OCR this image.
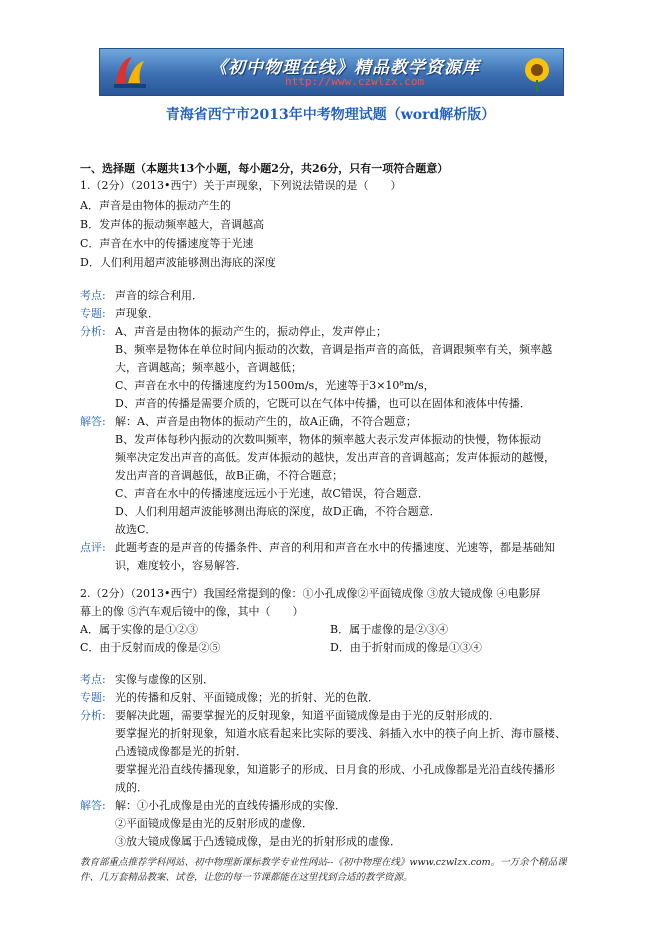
《初中物理在线》精品教学资源库
http://www.czwlzx.com
青海省西宁市2013年中考物理试题（word解析版）
一、选择题（本题共13个小题，每小题2分，共26分，只有一项符合题意）
1.（2分）（2013•西宁）关于声现象，下列说法错误的是（　　）
A．声音是由物体的振动产生的
B．发声体的振动频率越大，音调越高
C．声音在水中的传播速度等于光速
D．人们利用超声波能够测出海底的深度
考点: 声音的综合利用．
专题: 声现象．
分析: A、声音是由物体的振动产生的，振动停止，发声停止；
B、频率是物体在单位时间内振动的次数，音调是指声音的高低，音调跟频率有关，频率越
大，音调越高；频率越小，音调越低；
C、声音在水中的传播速度约为1500m/s，光速等于3×10⁸m/s，
D、声音的传播是需要介质的，它既可以在气体中传播，也可以在固体和液体中传播．
解答: 解：A、声音是由物体的振动产生的，故A正确，不符合题意；
B、发声体每秒内振动的次数叫频率，物体的频率越大表示发声体振动的快慢，物体振动
频率决定发出声音的高低。发声体振动的越快，发出声音的音调越高；发声体振动的越慢，
发出声音的音调越低，故B正确，不符合题意；
C、声音在水中的传播速度远远小于光速，故C错误，符合题意．
D、人们利用超声波能够测出海底的深度，故D正确，不符合题意．
故选C．
点评: 此题考查的是声音的传播条件、声音的利用和声音在水中的传播速度、光速等，都是基础知
识，难度较小，容易解答．
2.（2分）（2013•西宁）我国经常提到的像：①小孔成像②平面镜成像 ③放大镜成像 ④电影屏
幕上的像 ⑤汽车观后镜中的像，其中（　　）
A．属于实像的是①②③	B．属于虚像的是②③④
C．由于反射而成的像是②⑤	D．由于折射而成的像是①③④
考点: 实像与虚像的区别．
专题: 光的传播和反射、平面镜成像；光的折射、光的色散．
分析: 要解决此题，需要掌握光的反射现象，知道平面镜成像是由于光的反射形成的．
要掌握光的折射现象，知道水底看起来比实际的要浅、斜插入水中的筷子向上折、海市蜃楼、
凸透镜成像都是光的折射．
要掌握光沿直线传播现象，知道影子的形成、日月食的形成、小孔成像都是光沿直线传播形
成的．
解答: 解：①小孔成像是由光的直线传播形成的实像．
②平面镜成像是由光的反射形成的虚像．
③放大镜成像属于凸透镜成像，是由光的折射形成的虚像．
教育部重点推荐学科网站、初中物理新课标教学专业性网站--《初中物理在线》www.czwlzx.com。一万余个精品课
件、几万套精品教案、试卷，让您的每一节课都能在这里找到合适的教学资源。
